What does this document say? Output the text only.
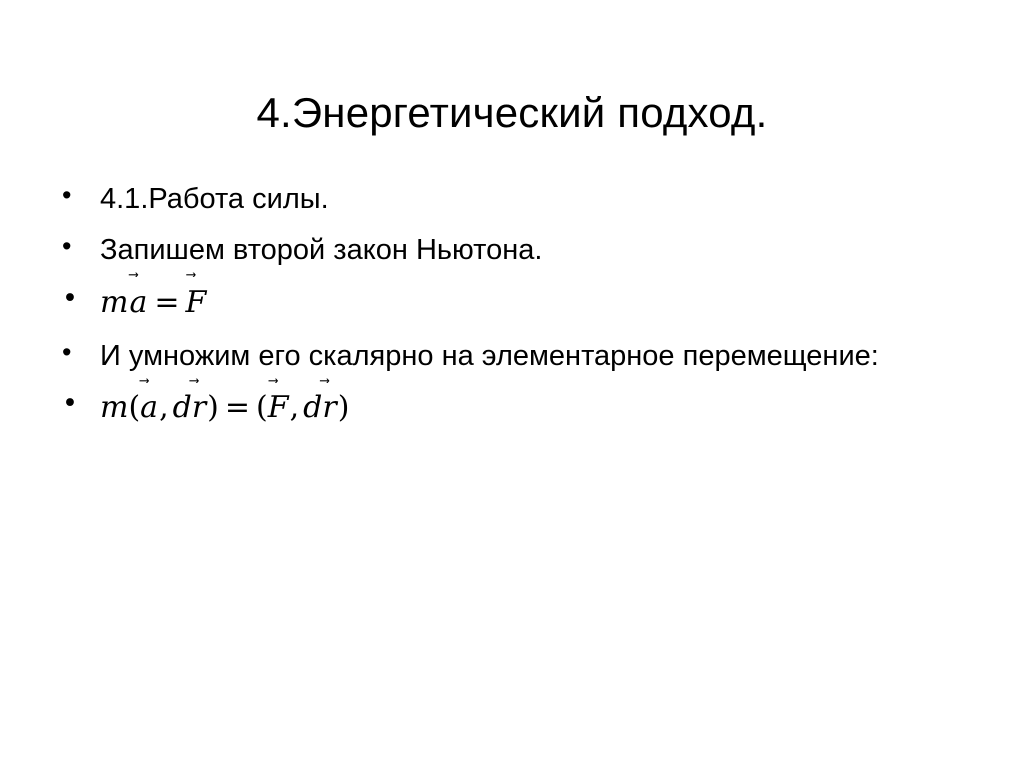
4.Энергетический подход.
• 4.1.Работа силы.
• Запишем второй закон Ньютона.
• m
a = F
• И умножим его скалярно на элементарное перемещение:
• m(
a, d
r) = (
F, d
r)
